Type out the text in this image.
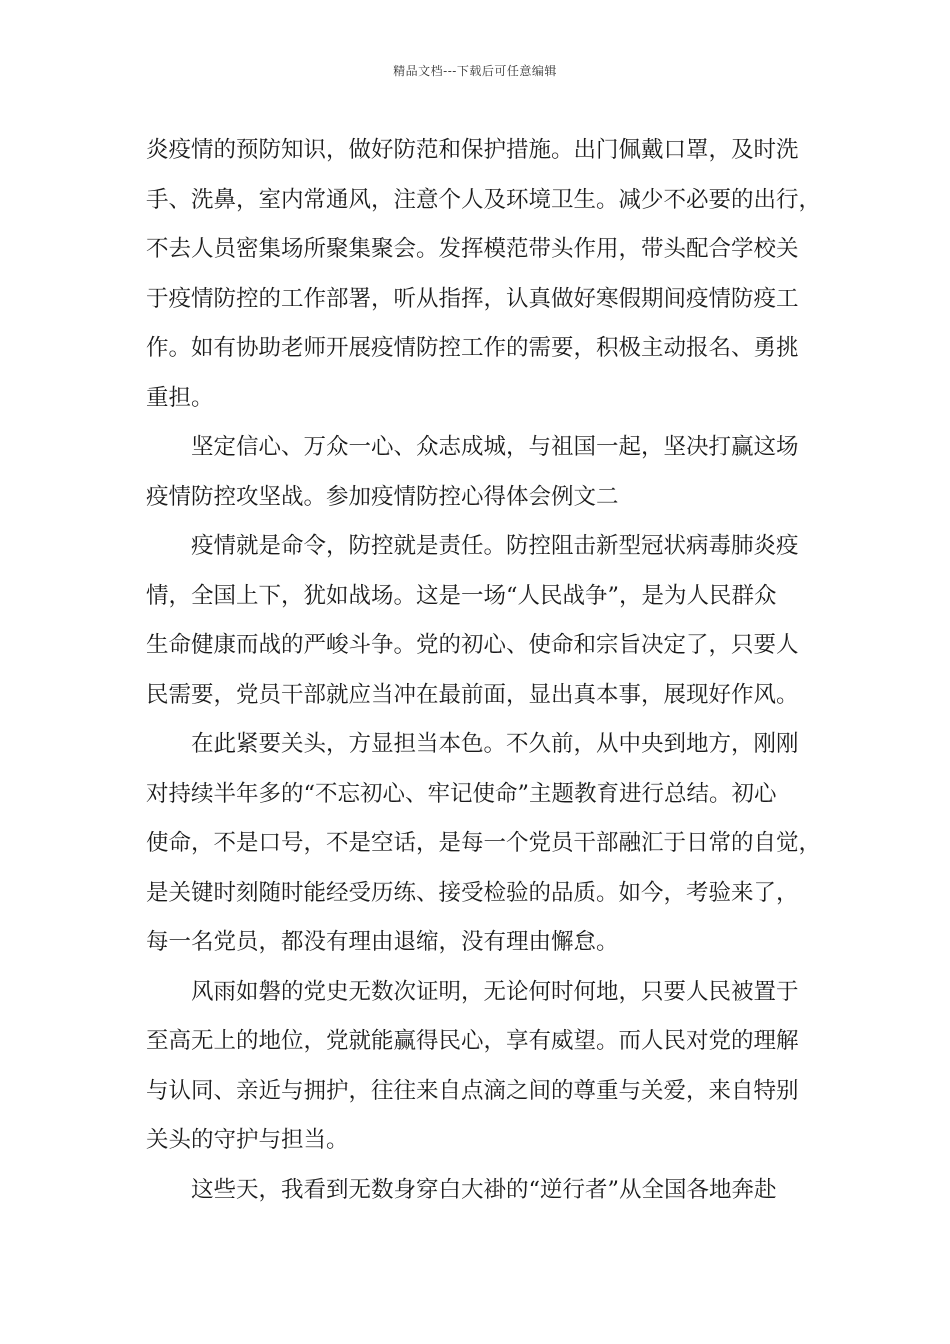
精品文档---下载后可任意编辑
炎疫情的预防知识，做好防范和保护措施。出门佩戴口罩，及时洗
手、洗鼻，室内常通风，注意个人及环境卫生。减少不必要的出行，
不去人员密集场所聚集聚会。发挥模范带头作用，带头配合学校关
于疫情防控的工作部署，听从指挥，认真做好寒假期间疫情防疫工
作。如有协助老师开展疫情防控工作的需要，积极主动报名、勇挑
重担。
　　坚定信心、万众一心、众志成城，与祖国一起，坚决打赢这场
疫情防控攻坚战。参加疫情防控心得体会例文二
　　疫情就是命令，防控就是责任。防控阻击新型冠状病毒肺炎疫
情，全国上下，犹如战场。这是一场“人民战争”，是为人民群众
生命健康而战的严峻斗争。党的初心、使命和宗旨决定了，只要人
民需要，党员干部就应当冲在最前面，显出真本事，展现好作风。
　　在此紧要关头，方显担当本色。不久前，从中央到地方，刚刚
对持续半年多的“不忘初心、牢记使命”主题教育进行总结。初心
使命，不是口号，不是空话，是每一个党员干部融汇于日常的自觉，
是关键时刻随时能经受历练、接受检验的品质。如今，考验来了，
每一名党员，都没有理由退缩，没有理由懈怠。
　　风雨如磐的党史无数次证明，无论何时何地，只要人民被置于
至高无上的地位，党就能赢得民心，享有威望。而人民对党的理解
与认同、亲近与拥护，往往来自点滴之间的尊重与关爱，来自特别
关头的守护与担当。
　　这些天，我看到无数身穿白大褂的“逆行者”从全国各地奔赴
